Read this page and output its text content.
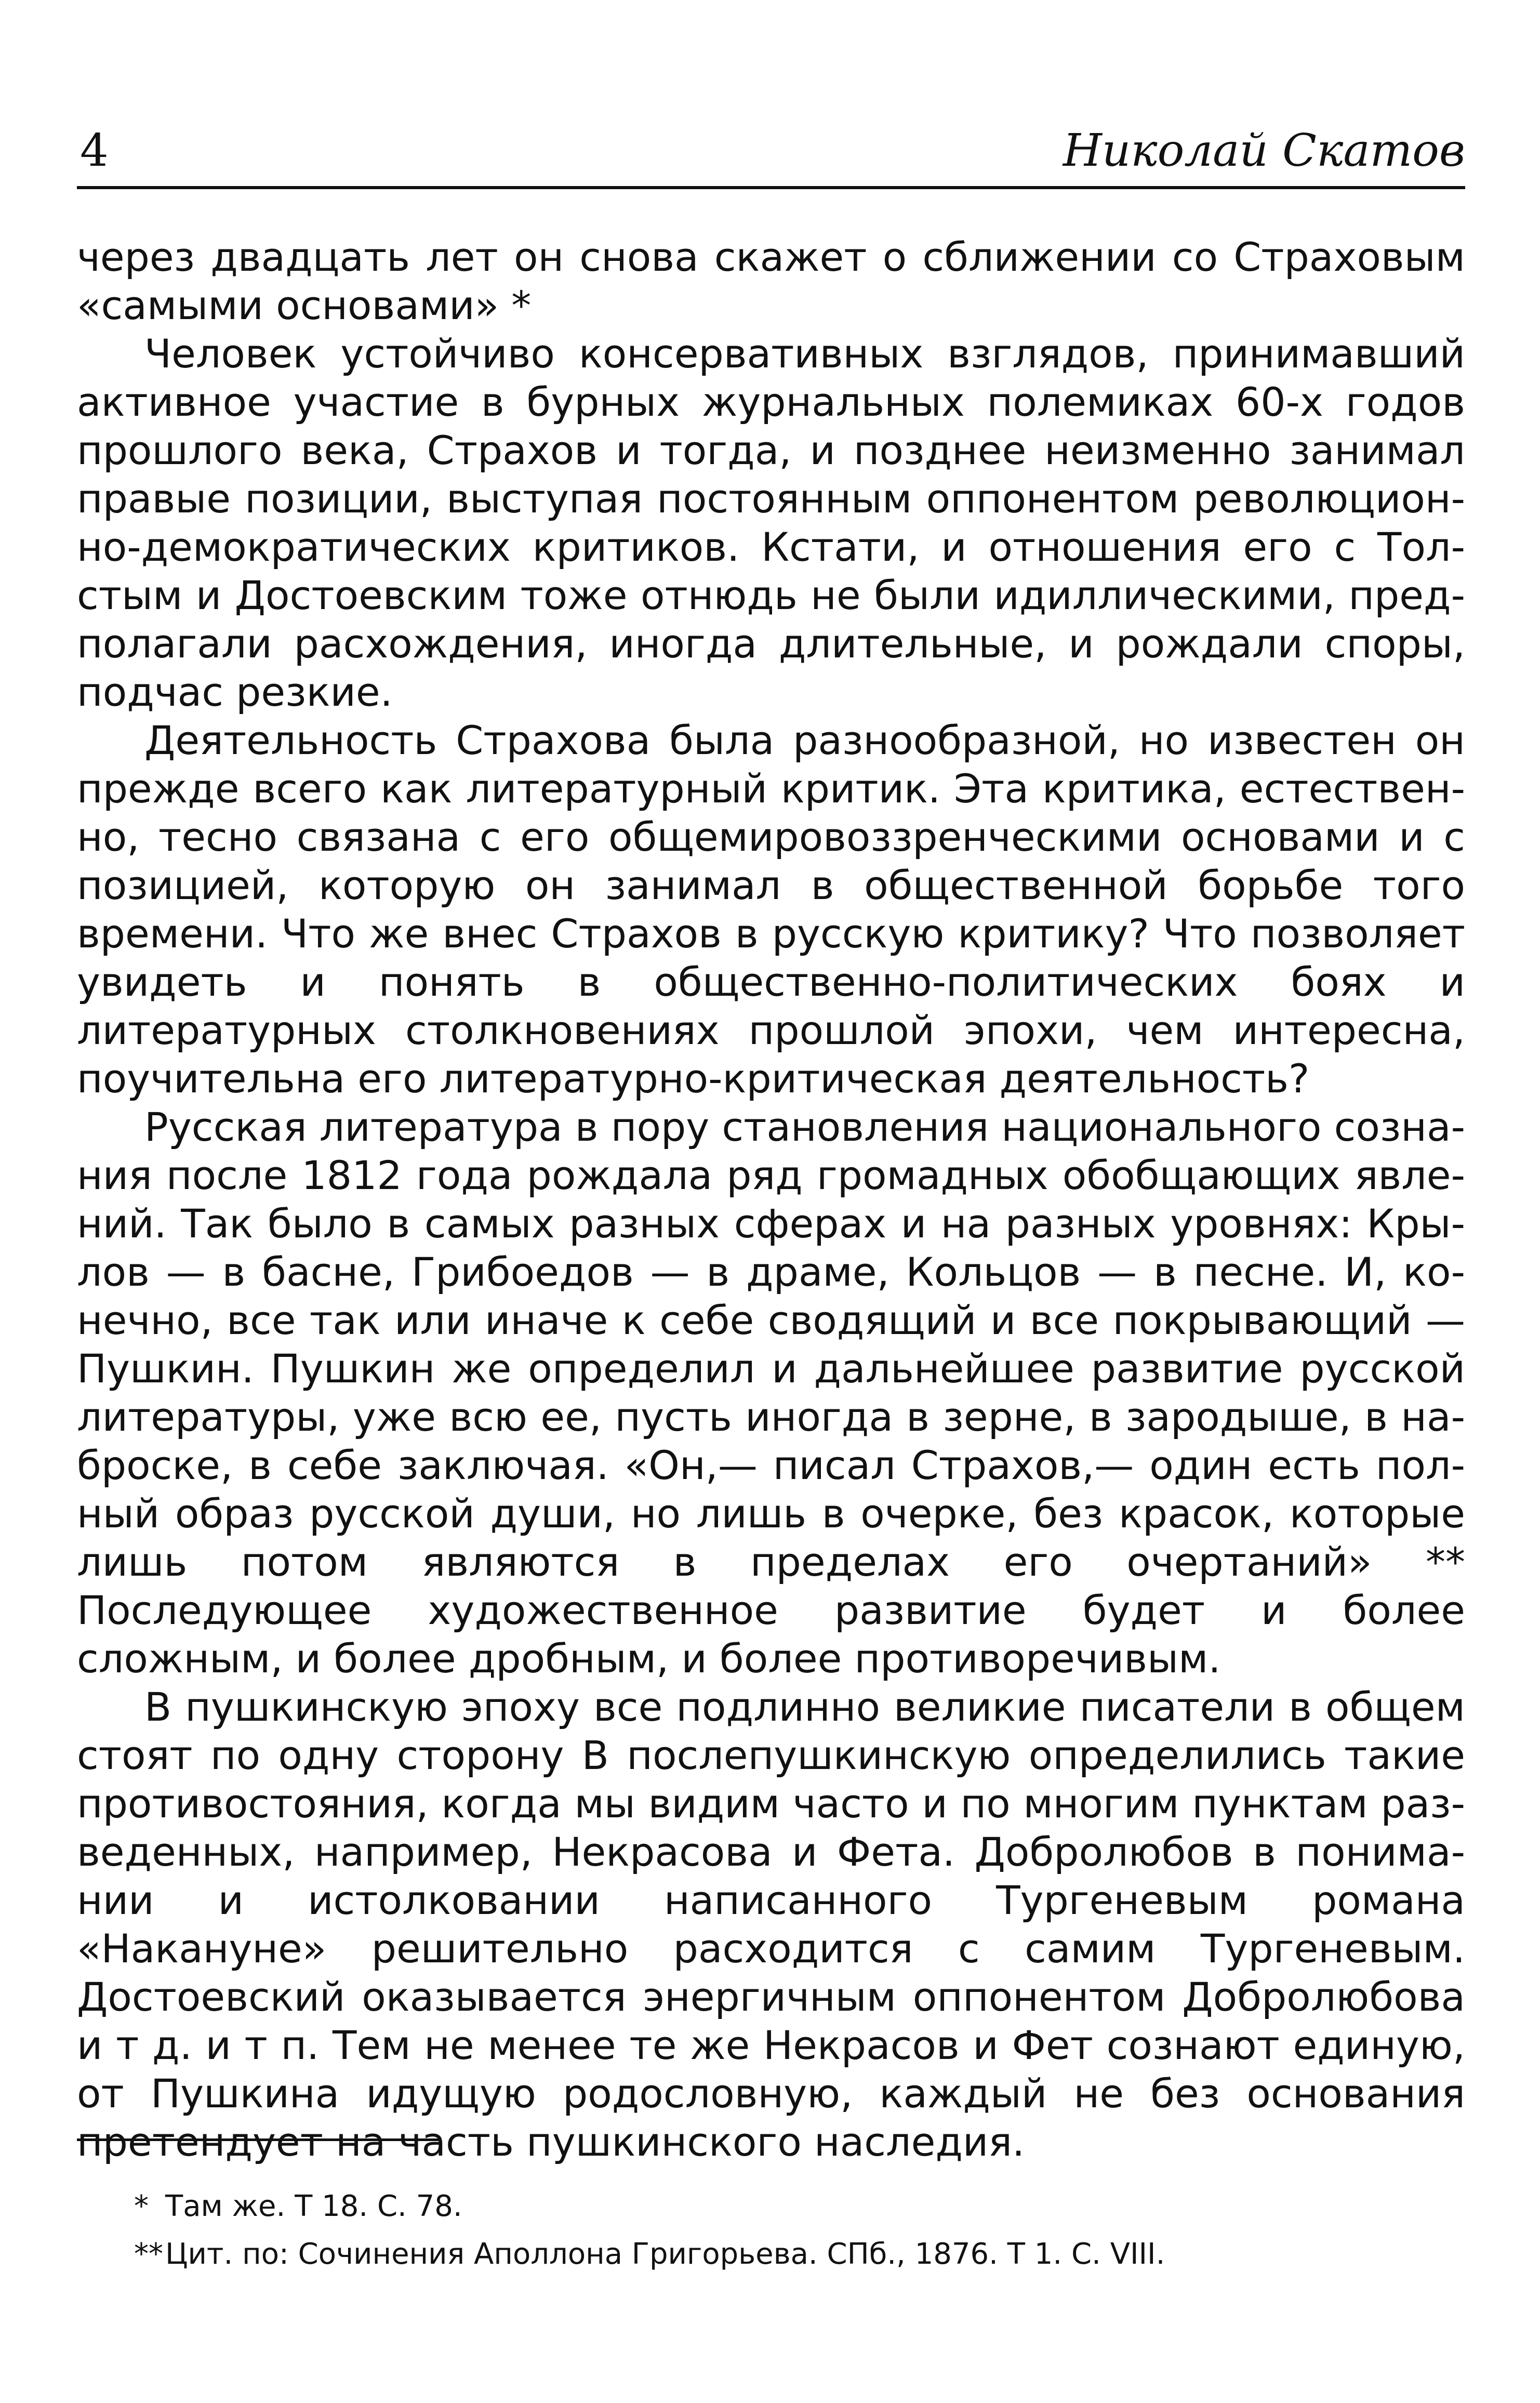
4	Николай Скатов

через двадцать лет он снова скажет о сближении со Страховым «самыми основами» *

Человек устойчиво консервативных взглядов, принимавший активное участие в бурных журнальных полемиках 60-х годов прошлого века, Страхов и тогда, и позднее неизменно занимал правые позиции, выступая постоянным оппонентом революционно-демократических критиков. Кстати, и отношения его с Толстым и Достоевским тоже отнюдь не были идиллическими, предполагали расхождения, иногда длительные, и рождали споры, подчас резкие.

Деятельность Страхова была разнообразной, но известен он прежде всего как литературный критик. Эта критика, естественно, тесно связана с его общемировоззренческими основами и с позицией, которую он занимал в общественной борьбе того времени. Что же внес Страхов в русскую критику? Что позволяет увидеть и понять в общественно-политических боях и литературных столкновениях прошлой эпохи, чем интересна, поучительна его литературно-критическая деятельность?

Русская литература в пору становления национального сознания после 1812 года рождала ряд громадных обобщающих явлений. Так было в самых разных сферах и на разных уровнях: Крылов — в басне, Грибоедов — в драме, Кольцов — в песне. И, конечно, все так или иначе к себе сводящий и все покрывающий — Пушкин. Пушкин же определил и дальнейшее развитие русской литературы, уже всю ее, пусть иногда в зерне, в зародыше, в наброске, в себе заключая. «Он,— писал Страхов,— один есть полный образ русской души, но лишь в очерке, без красок, которые лишь потом являются в пределах его очертаний» ** Последующее художественное развитие будет и более сложным, и более дробным, и более противоречивым.

В пушкинскую эпоху все подлинно великие писатели в общем стоят по одну сторону В послепушкинскую определились такие противостояния, когда мы видим часто и по многим пунктам разведенных, например, Некрасова и Фета. Добролюбов в понимании и истолковании написанного Тургеневым романа «Накануне» решительно расходится с самим Тургеневым. Достоевский оказывается энергичным оппонентом Добролюбова и т д. и т п. Тем не менее те же Некрасов и Фет сознают единую, от Пушкина идущую родословную, каждый не без основания претендует на часть пушкинского наследия.

* Там же. Т 18. С. 78.
** Цит. по: Сочинения Аполлона Григорьева. СПб., 1876. Т 1. С. VIII.
